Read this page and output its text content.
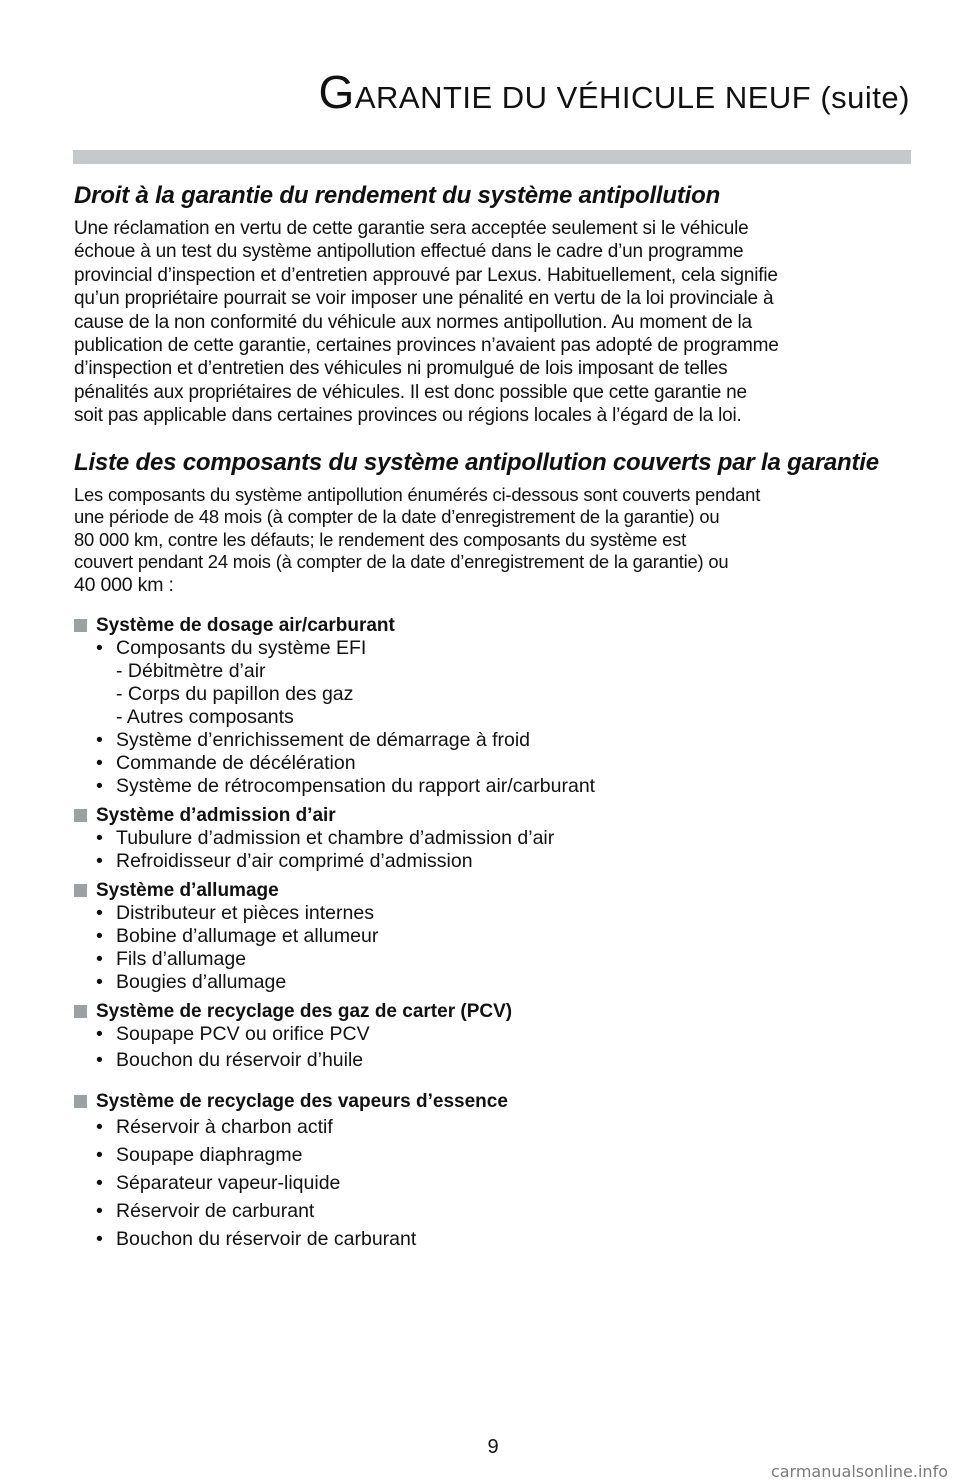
GARANTIE DU VÉHICULE NEUF (suite)
Droit à la garantie du rendement du système antipollution
Une réclamation en vertu de cette garantie sera acceptée seulement si le véhicule
échoue à un test du système antipollution effectué dans le cadre d’un programme
provincial d’inspection et d’entretien approuvé par Lexus. Habituellement, cela signifie
qu’un propriétaire pourrait se voir imposer une pénalité en vertu de la loi provinciale à
cause de la non conformité du véhicule aux normes antipollution. Au moment de la
publication de cette garantie, certaines provinces n’avaient pas adopté de programme
d’inspection et d’entretien des véhicules ni promulgué de lois imposant de telles
pénalités aux propriétaires de véhicules. Il est donc possible que cette garantie ne
soit pas applicable dans certaines provinces ou régions locales à l’égard de la loi.
Liste des composants du système antipollution couverts par la garantie
Les composants du système antipollution énumérés ci-dessous sont couverts pendant
une période de 48 mois (à compter de la date d’enregistrement de la garantie) ou
80 000 km, contre les défauts; le rendement des composants du système est
couvert pendant 24 mois (à compter de la date d’enregistrement de la garantie) ou
40 000 km :
Système de dosage air/carburant
• Composants du système EFI
- Débitmètre d’air
- Corps du papillon des gaz
- Autres composants
• Système d’enrichissement de démarrage à froid
• Commande de décélération
• Système de rétrocompensation du rapport air/carburant
Système d’admission d’air
• Tubulure d’admission et chambre d’admission d’air
• Refroidisseur d’air comprimé d’admission
Système d’allumage
• Distributeur et pièces internes
• Bobine d’allumage et allumeur
• Fils d’allumage
• Bougies d’allumage
Système de recyclage des gaz de carter (PCV)
• Soupape PCV ou orifice PCV
• Bouchon du réservoir d’huile
Système de recyclage des vapeurs d’essence
• Réservoir à charbon actif
• Soupape diaphragme
• Séparateur vapeur-liquide
• Réservoir de carburant
• Bouchon du réservoir de carburant
9
carmanualsonline.info
